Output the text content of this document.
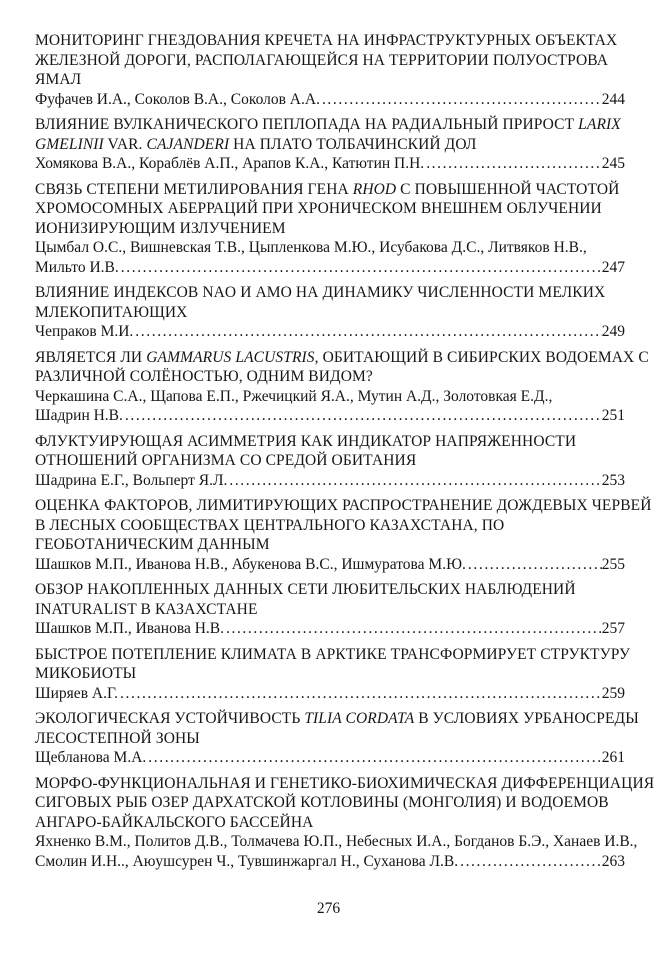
МОНИТОРИНГ ГНЕЗДОВАНИЯ КРЕЧЕТА НА ИНФРАСТРУКТУРНЫХ ОБЪЕКТАХ
ЖЕЛЕЗНОЙ ДОРОГИ, РАСПОЛАГАЮЩЕЙСЯ НА ТЕРРИТОРИИ ПОЛУОСТРОВА
ЯМАЛ
Фуфачев И.А., Соколов В.А., Соколов А.А. .....	244
ВЛИЯНИЕ ВУЛКАНИЧЕСКОГО ПЕПЛОПАДА НА РАДИАЛЬНЫЙ ПРИРОСТ LARIX
GMELINII VAR. CAJANDERI НА ПЛАТО ТОЛБАЧИНСКИЙ ДОЛ
Хомякова В.А., Кораблёв А.П., Арапов К.А., Катютин П.Н. .....	245
СВЯЗЬ СТЕПЕНИ МЕТИЛИРОВАНИЯ ГЕНА RHOD С ПОВЫШЕННОЙ ЧАСТОТОЙ
ХРОМОСОМНЫХ АБЕРРАЦИЙ ПРИ ХРОНИЧЕСКОМ ВНЕШНЕМ ОБЛУЧЕНИИ
ИОНИЗИРУЮЩИМ ИЗЛУЧЕНИЕМ
Цымбал О.С., Вишневская Т.В., Цыпленкова М.Ю., Исубакова Д.С., Литвяков Н.В.,
Мильто И.В. .....	247
ВЛИЯНИЕ ИНДЕКСОВ NAO И AMO НА ДИНАМИКУ ЧИСЛЕННОСТИ МЕЛКИХ
МЛЕКОПИТАЮЩИХ
Чепраков М.И. .....	249
ЯВЛЯЕТСЯ ЛИ GAMMARUS LACUSTRIS, ОБИТАЮЩИЙ В СИБИРСКИХ ВОДОЕМАХ С
РАЗЛИЧНОЙ СОЛЁНОСТЬЮ, ОДНИМ ВИДОМ?
Черкашина С.А., Щапова Е.П., Ржечицкий Я.А., Мутин А.Д., Золотовкая Е.Д.,
Шадрин Н.В. .....	251
ФЛУКТУИРУЮЩАЯ АСИММЕТРИЯ КАК ИНДИКАТОР НАПРЯЖЕННОСТИ
ОТНОШЕНИЙ ОРГАНИЗМА СО СРЕДОЙ ОБИТАНИЯ
Шадрина Е.Г., Вольперт Я.Л. .....	253
ОЦЕНКА ФАКТОРОВ, ЛИМИТИРУЮЩИХ РАСПРОСТРАНЕНИЕ ДОЖДЕВЫХ ЧЕРВЕЙ
В ЛЕСНЫХ СООБЩЕСТВАХ ЦЕНТРАЛЬНОГО КАЗАХСТАНА, ПО
ГЕОБОТАНИЧЕСКИМ ДАННЫМ
Шашков М.П., Иванова Н.В., Абукенова В.С., Ишмуратова М.Ю. .....	255
ОБЗОР НАКОПЛЕННЫХ ДАННЫХ СЕТИ ЛЮБИТЕЛЬСКИХ НАБЛЮДЕНИЙ
INATURALIST В КАЗАХСТАНЕ
Шашков М.П., Иванова Н.В. .....	257
БЫСТРОЕ ПОТЕПЛЕНИЕ КЛИМАТА В АРКТИКЕ ТРАНСФОРМИРУЕТ СТРУКТУРУ
МИКОБИОТЫ
Ширяев А.Г. .....	259
ЭКОЛОГИЧЕСКАЯ УСТОЙЧИВОСТЬ TILIA CORDATA В УСЛОВИЯХ УРБАНОСРЕДЫ
ЛЕСОСТЕПНОЙ ЗОНЫ
Щебланова М.А. .....	261
МОРФО-ФУНКЦИОНАЛЬНАЯ И ГЕНЕТИКО-БИОХИМИЧЕСКАЯ ДИФФЕРЕНЦИАЦИЯ
СИГОВЫХ РЫБ ОЗЕР ДАРХАТСКОЙ КОТЛОВИНЫ (МОНГОЛИЯ) И ВОДОЕМОВ
АНГАРО-БАЙКАЛЬСКОГО БАССЕЙНА
Яхненко В.М., Политов Д.В., Толмачева Ю.П., Небесных И.А., Богданов Б.Э., Ханаев И.В.,
Смолин И.Н.., Аюушсурен Ч., Тувшинжаргал Н., Суханова Л.В. .....	263
276
